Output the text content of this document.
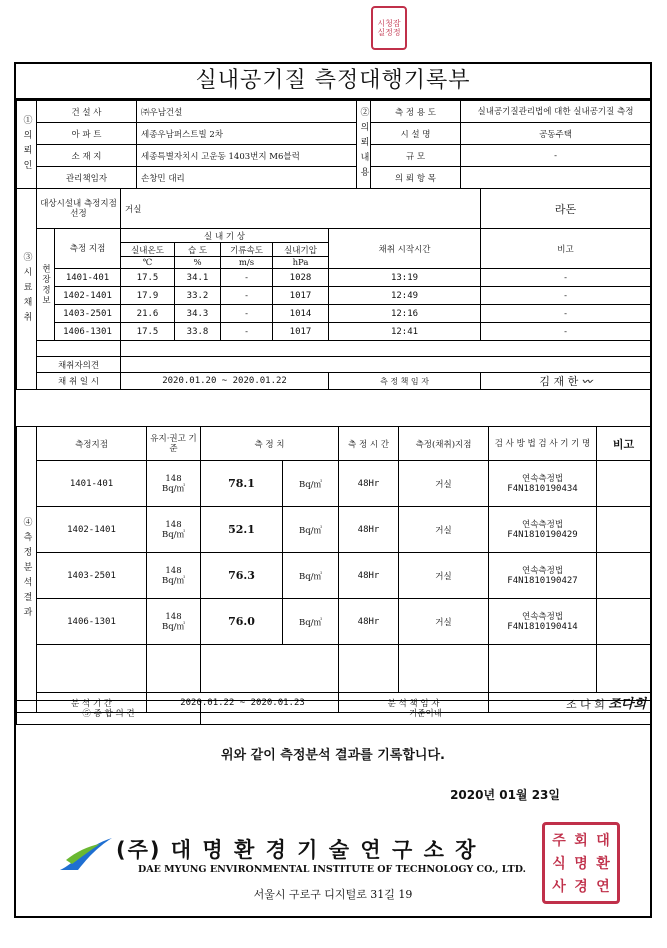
시 청 잠
실 정 정
실내공기질 측정대행기록부
①의뢰인	건 설 사	㈜우남건설	②의뢰내용	측 정 용 도	실내공기질관리법에 대한 실내공기질 측정
	아 파 트	세종우남퍼스트빌 2차		시 설 명	공동주택
	소 재 지	세종특별자치시 고운동 1403번지 M6블럭		규 모	-
	관리책임자	손창민 대리		의 뢰 항 목	
③시료채취	대상시설내 측정지점 선정		거실					라돈
	현장정보	측정 지점	실 내 기 상				채취 시작시간	비고
			실내온도	습 도	기류속도	실내기압		
			℃	%	m/s	hPa		
		1401-401	17.5	34.1	-	1028	13:19	-
		1402-1401	17.9	33.2	-	1017	12:49	-
		1403-2501	21.6	34.3	-	1014	12:16	-
		1406-1301	17.5	33.8	-	1017	12:41	-

	채취자의견							
	채 취 일 시		2020.01.20 ~ 2020.01.22				측 정 책 임 자	김 재 한 〰
④측정분석결과	측정지점	유지·권고 기 준	측 정 치		측 정 시 간	측정(채취)지점	검 사 방 법 검 사 기 기 명	비고
	1401-401	148
Bq/㎥	78.1	Bq/㎥	48Hr	거실	연속측정법
F4N1810190434	
	1402-1401	148
Bq/㎥	52.1	Bq/㎥	48Hr	거실	연속측정법
F4N1810190429	
	1403-2501	148
Bq/㎥	76.3	Bq/㎥	48Hr	거실	연속측정법
F4N1810190427	
	1406-1301	148
Bq/㎥	76.0	Bq/㎥	48Hr	거실	연속측정법
F4N1810190414	

	분 석 기 간	2020.01.22 ~ 2020.01.23			분 석 책 임 자		조 다 희 조다희	
⑤ 종 합 의 견	기준이내
위와 같이 측정분석 결과를 기록합니다.
2020년 01월 23일
(주) 대 명 환 경 기 술 연 구 소 장
DAE MYUNG ENVIRONMENTAL INSTITUTE OF TECHNOLOGY CO., LTD.
서울시 구로구 디지털로 31길 19
주 회 대
식 명 환
사 경 연
